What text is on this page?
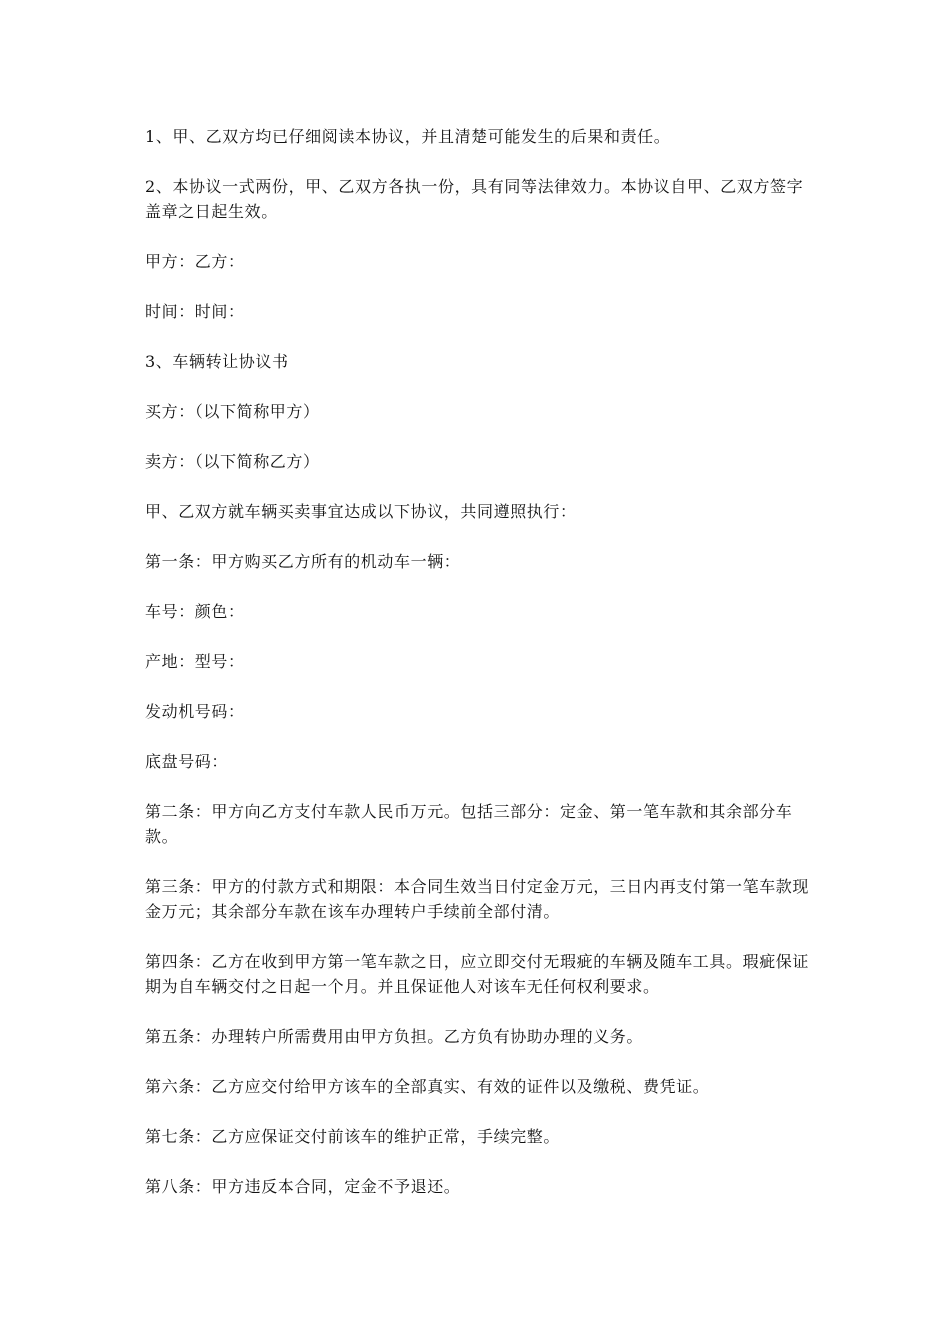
1、甲、乙双方均已仔细阅读本协议，并且清楚可能发生的后果和责任。

2、本协议一式两份，甲、乙双方各执一份，具有同等法律效力。本协议自甲、乙双方签字盖章之日起生效。

甲方：乙方：

时间：时间：

3、车辆转让协议书

买方：（以下简称甲方）

卖方：（以下简称乙方）

甲、乙双方就车辆买卖事宜达成以下协议，共同遵照执行：

第一条：甲方购买乙方所有的机动车一辆：

车号：颜色：

产地：型号：

发动机号码：

底盘号码：

第二条：甲方向乙方支付车款人民币万元。包括三部分：定金、第一笔车款和其余部分车款。

第三条：甲方的付款方式和期限：本合同生效当日付定金万元，三日内再支付第一笔车款现金万元；其余部分车款在该车办理转户手续前全部付清。

第四条：乙方在收到甲方第一笔车款之日，应立即交付无瑕疵的车辆及随车工具。瑕疵保证期为自车辆交付之日起一个月。并且保证他人对该车无任何权利要求。

第五条：办理转户所需费用由甲方负担。乙方负有协助办理的义务。

第六条：乙方应交付给甲方该车的全部真实、有效的证件以及缴税、费凭证。

第七条：乙方应保证交付前该车的维护正常，手续完整。

第八条：甲方违反本合同，定金不予退还。
